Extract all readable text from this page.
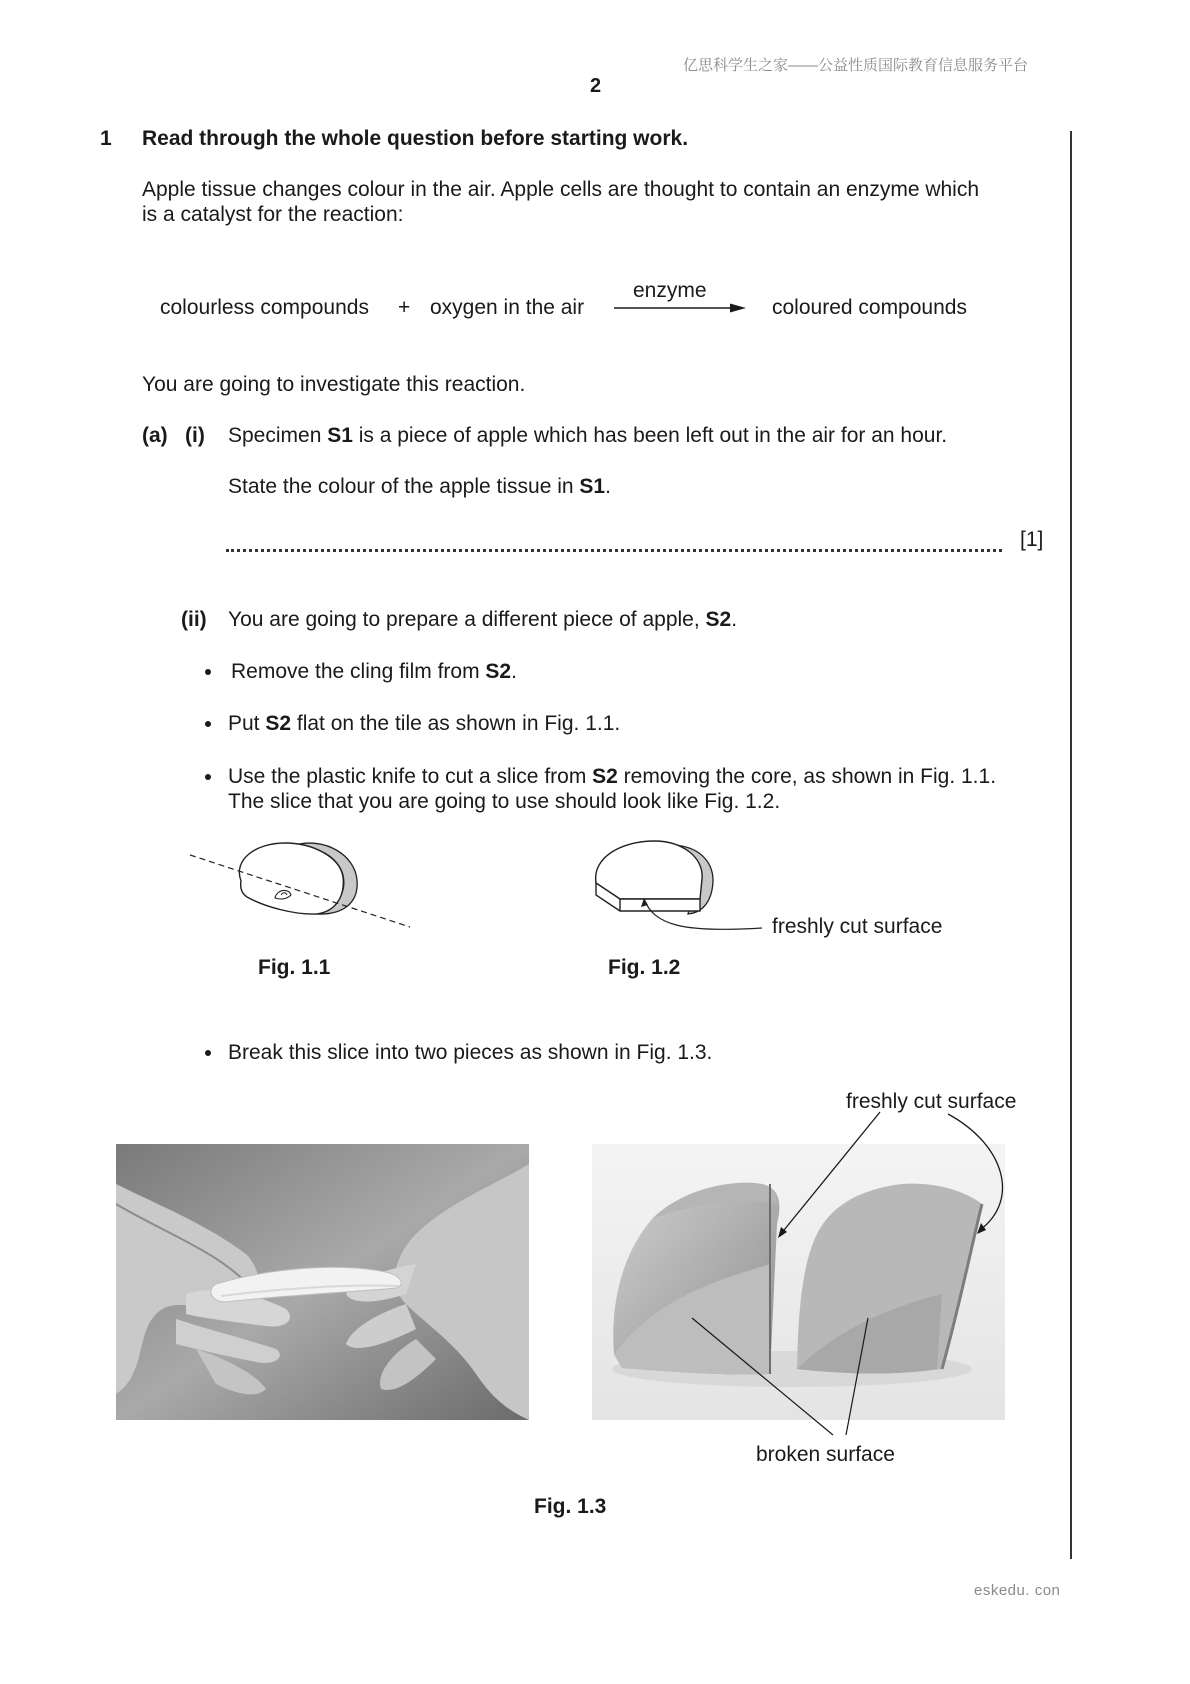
亿思科学生之家——公益性质国际教育信息服务平台
2
1 Read through the whole question before starting work.
Apple tissue changes colour in the air. Apple cells are thought to contain an enzyme which
is a catalyst for the reaction:
colourless compounds + oxygen in the air
enzyme
coloured compounds
You are going to investigate this reaction.
(a) (i) Specimen S1 is a piece of apple which has been left out in the air for an hour.
State the colour of the apple tissue in S1.
[1]
(ii) You are going to prepare a different piece of apple, S2.
Remove the cling film from S2.
Put S2 flat on the tile as shown in Fig. 1.1.
Use the plastic knife to cut a slice from S2 removing the core, as shown in Fig. 1.1.
The slice that you are going to use should look like Fig. 1.2.
freshly cut surface
Fig. 1.1	Fig. 1.2
Break this slice into two pieces as shown in Fig. 1.3.
freshly cut surface
broken surface
Fig. 1.3
eskedu. con
